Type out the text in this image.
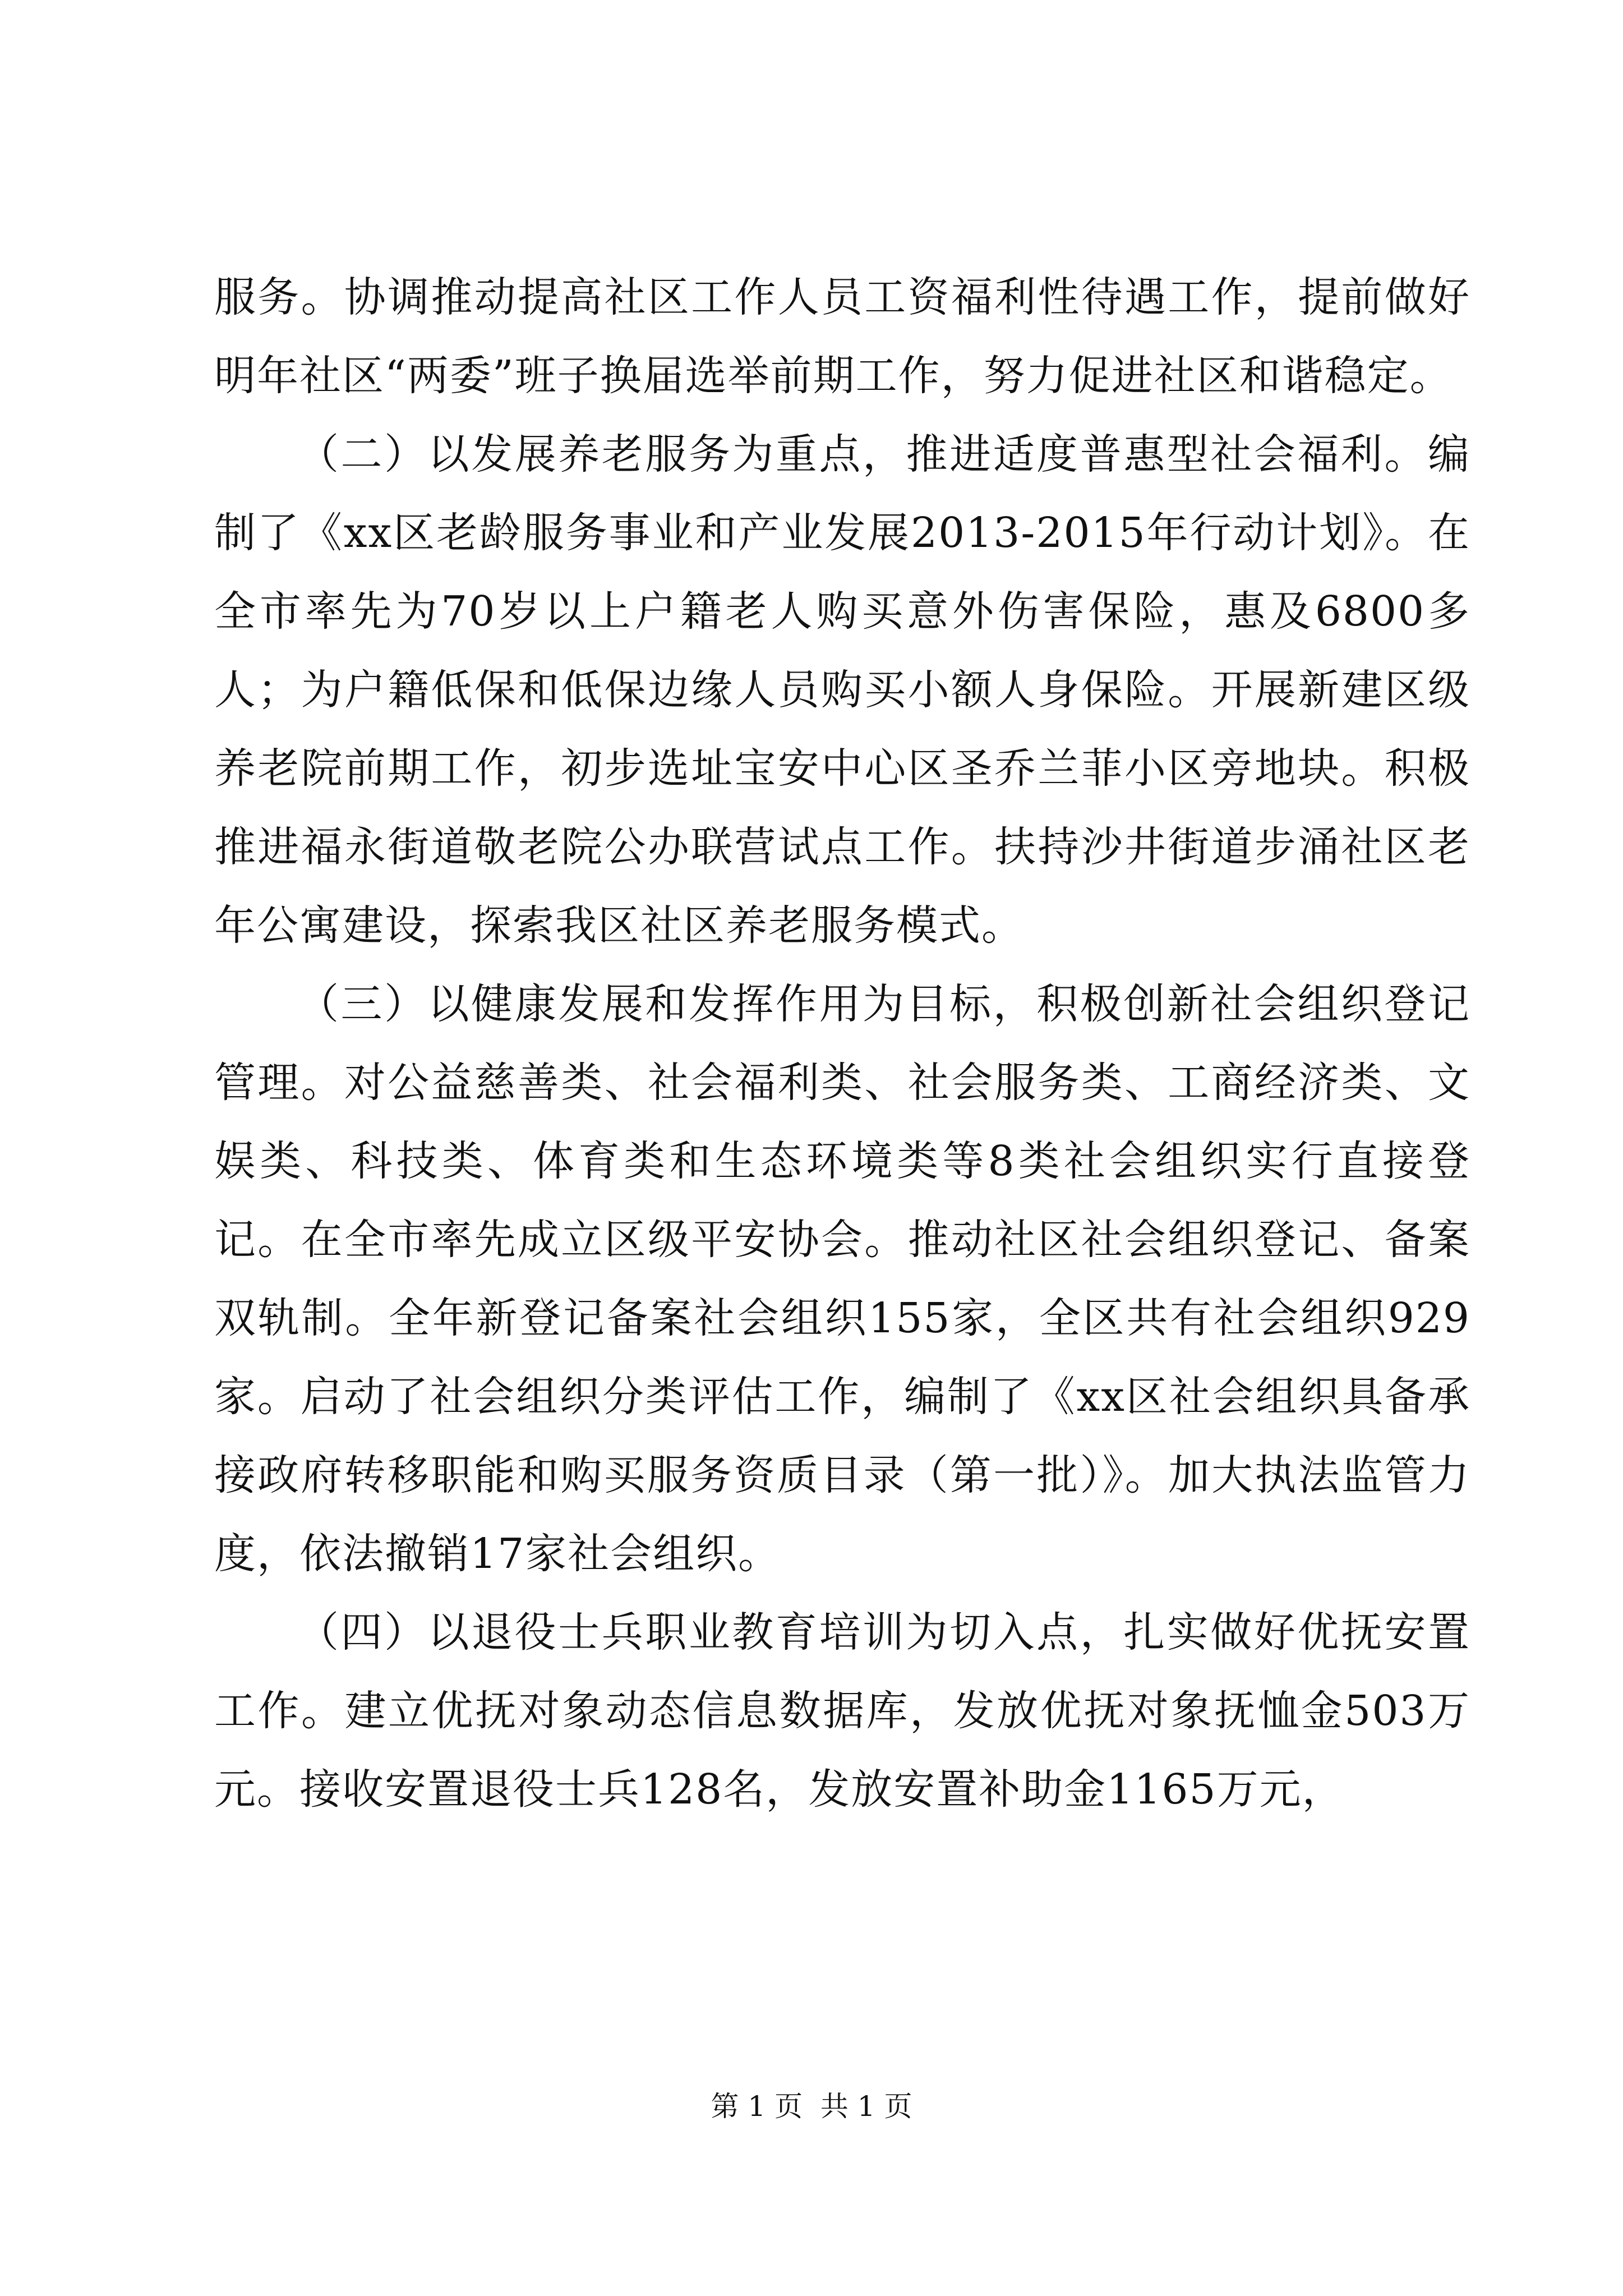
服务。协调推动提高社区工作人员工资福利性待遇工作，提前做好明年社区“两委”班子换届选举前期工作，努力促进社区和谐稳定。

（二）以发展养老服务为重点，推进适度普惠型社会福利。编制了《xx区老龄服务事业和产业发展2013-2015年行动计划》。在全市率先为70岁以上户籍老人购买意外伤害保险，惠及6800多人；为户籍低保和低保边缘人员购买小额人身保险。开展新建区级养老院前期工作，初步选址宝安中心区圣乔兰菲小区旁地块。积极推进福永街道敬老院公办联营试点工作。扶持沙井街道步涌社区老年公寓建设，探索我区社区养老服务模式。

（三）以健康发展和发挥作用为目标，积极创新社会组织登记管理。对公益慈善类、社会福利类、社会服务类、工商经济类、文娱类、科技类、体育类和生态环境类等8类社会组织实行直接登记。在全市率先成立区级平安协会。推动社区社会组织登记、备案双轨制。全年新登记备案社会组织155家，全区共有社会组织929家。启动了社会组织分类评估工作，编制了《xx区社会组织具备承接政府转移职能和购买服务资质目录（第一批）》。加大执法监管力度，依法撤销17家社会组织。

（四）以退役士兵职业教育培训为切入点，扎实做好优抚安置工作。建立优抚对象动态信息数据库，发放优抚对象抚恤金503万元。接收安置退役士兵128名，发放安置补助金1165万元，

第 1 页  共 1 页
